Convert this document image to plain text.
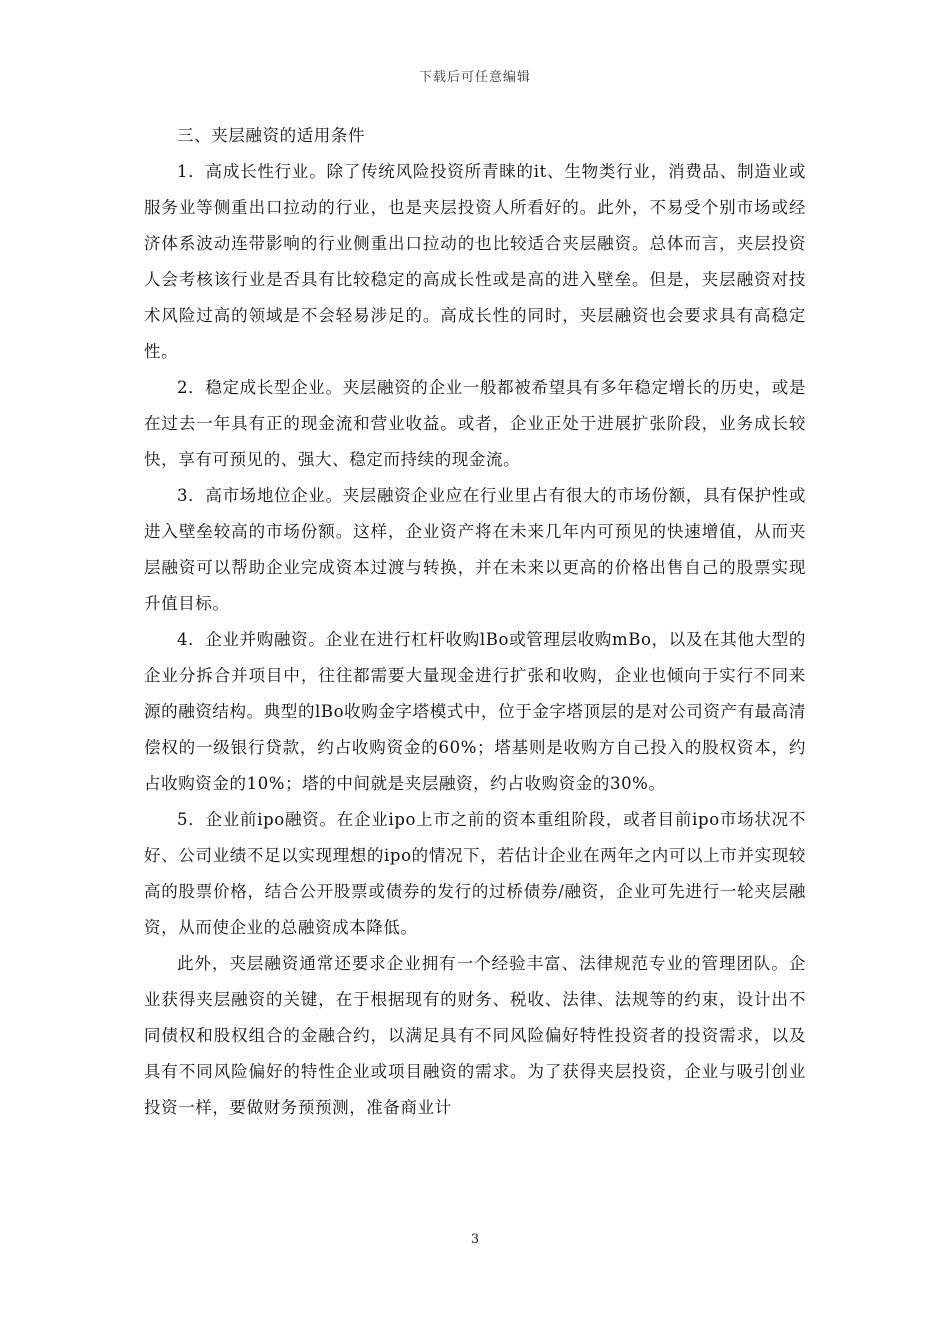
下载后可任意编辑
三、夹层融资的适用条件

1．高成长性行业。除了传统风险投资所青睐的it、生物类行业，消费品、制造业或服务业等侧重出口拉动的行业，也是夹层投资人所看好的。此外，不易受个别市场或经济体系波动连带影响的行业侧重出口拉动的也比较适合夹层融资。总体而言，夹层投资人会考核该行业是否具有比较稳定的高成长性或是高的进入壁垒。但是，夹层融资对技术风险过高的领域是不会轻易涉足的。高成长性的同时，夹层融资也会要求具有高稳定性。

2．稳定成长型企业。夹层融资的企业一般都被希望具有多年稳定增长的历史，或是在过去一年具有正的现金流和营业收益。或者，企业正处于进展扩张阶段，业务成长较快，享有可预见的、强大、稳定而持续的现金流。

3．高市场地位企业。夹层融资企业应在行业里占有很大的市场份额，具有保护性或进入壁垒较高的市场份额。这样，企业资产将在未来几年内可预见的快速增值，从而夹层融资可以帮助企业完成资本过渡与转换，并在未来以更高的价格出售自己的股票实现升值目标。

4．企业并购融资。企业在进行杠杆收购lBo或管理层收购mBo，以及在其他大型的企业分拆合并项目中，往往都需要大量现金进行扩张和收购，企业也倾向于实行不同来源的融资结构。典型的lBo收购金字塔模式中，位于金字塔顶层的是对公司资产有最高清偿权的一级银行贷款，约占收购资金的60%；塔基则是收购方自己投入的股权资本，约占收购资金的10%；塔的中间就是夹层融资，约占收购资金的30%。

5．企业前ipo融资。在企业ipo上市之前的资本重组阶段，或者目前ipo市场状况不好、公司业绩不足以实现理想的ipo的情况下，若估计企业在两年之内可以上市并实现较高的股票价格，结合公开股票或债券的发行的过桥债券/融资，企业可先进行一轮夹层融资，从而使企业的总融资成本降低。

此外，夹层融资通常还要求企业拥有一个经验丰富、法律规范专业的管理团队。企业获得夹层融资的关键，在于根据现有的财务、税收、法律、法规等的约束，设计出不同债权和股权组合的金融合约，以满足具有不同风险偏好特性投资者的投资需求，以及具有不同风险偏好的特性企业或项目融资的需求。为了获得夹层投资，企业与吸引创业投资一样，要做财务预预测，准备商业计

3
